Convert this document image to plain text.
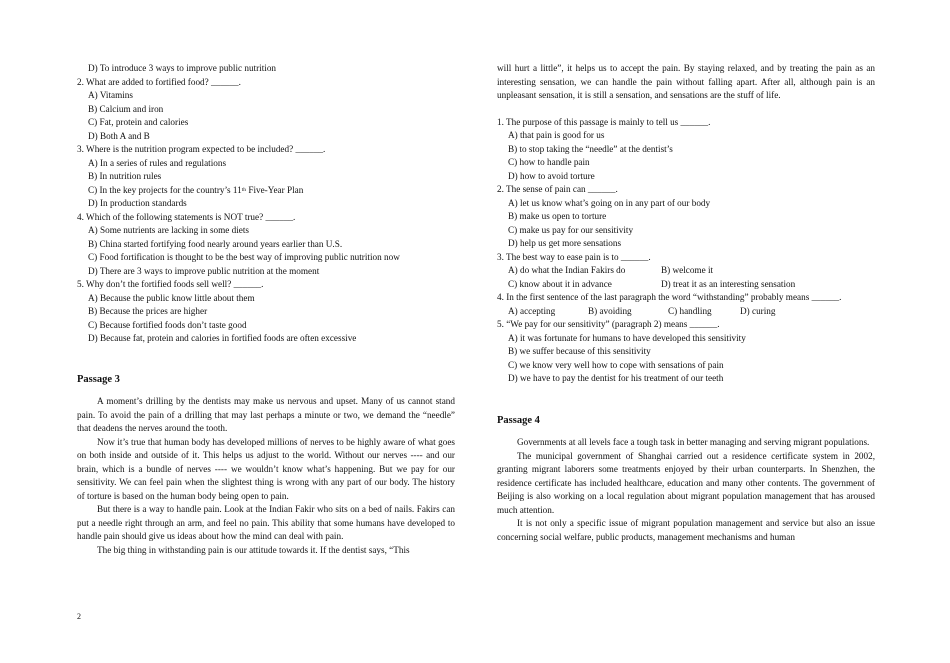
D) To introduce 3 ways to improve public nutrition
2. What are added to fortified food? ______.
A) Vitamins
B) Calcium and iron
C) Fat, protein and calories
D) Both A and B
3. Where is the nutrition program expected to be included? ______.
A) In a series of rules and regulations
B) In nutrition rules
C) In the key projects for the country’s 11th Five-Year Plan
D) In production standards
4. Which of the following statements is NOT true? ______.
A) Some nutrients are lacking in some diets
B) China started fortifying food nearly around years earlier than U.S.
C) Food fortification is thought to be the best way of improving public nutrition now
D) There are 3 ways to improve public nutrition at the moment
5. Why don’t the fortified foods sell well? ______.
A) Because the public know little about them
B) Because the prices are higher
C) Because fortified foods don’t taste good
D) Because fat, protein and calories in fortified foods are often excessive
Passage 3
A moment’s drilling by the dentists may make us nervous and upset. Many of us cannot stand pain. To avoid the pain of a drilling that may last perhaps a minute or two, we demand the “needle” that deadens the nerves around the tooth.
Now it’s true that human body has developed millions of nerves to be highly aware of what goes on both inside and outside of it. This helps us adjust to the world. Without our nerves ---- and our brain, which is a bundle of nerves ---- we wouldn’t know what’s happening. But we pay for our sensitivity. We can feel pain when the slightest thing is wrong with any part of our body. The history of torture is based on the human body being open to pain.
But there is a way to handle pain. Look at the Indian Fakir who sits on a bed of nails. Fakirs can put a needle right through an arm, and feel no pain. This ability that some humans have developed to handle pain should give us ideas about how the mind can deal with pain.
The big thing in withstanding pain is our attitude towards it. If the dentist says, “This
2
will hurt a little”, it helps us to accept the pain. By staying relaxed, and by treating the pain as an interesting sensation, we can handle the pain without falling apart. After all, although pain is an unpleasant sensation, it is still a sensation, and sensations are the stuff of life.
1. The purpose of this passage is mainly to tell us ______.
A) that pain is good for us
B) to stop taking the “needle” at the dentist’s
C) how to handle pain
D) how to avoid torture
2. The sense of pain can ______.
A) let us know what’s going on in any part of our body
B) make us open to torture
C) make us pay for our sensitivity
D) help us get more sensations
3. The best way to ease pain is to ______.
A) do what the Indian Fakirs do	B) welcome it
C) know about it in advance	D) treat it as an interesting sensation
4. In the first sentence of the last paragraph the word “withstanding” probably means ______.
A) accepting	B) avoiding	C) handling	D) curing
5. “We pay for our sensitivity” (paragraph 2) means ______.
A) it was fortunate for humans to have developed this sensitivity
B) we suffer because of this sensitivity
C) we know very well how to cope with sensations of pain
D) we have to pay the dentist for his treatment of our teeth
Passage 4
Governments at all levels face a tough task in better managing and serving migrant populations.
The municipal government of Shanghai carried out a residence certificate system in 2002, granting migrant laborers some treatments enjoyed by their urban counterparts. In Shenzhen, the residence certificate has included healthcare, education and many other contents. The government of Beijing is also working on a local regulation about migrant population management that has aroused much attention.
It is not only a specific issue of migrant population management and service but also an issue concerning social welfare, public products, management mechanisms and human
